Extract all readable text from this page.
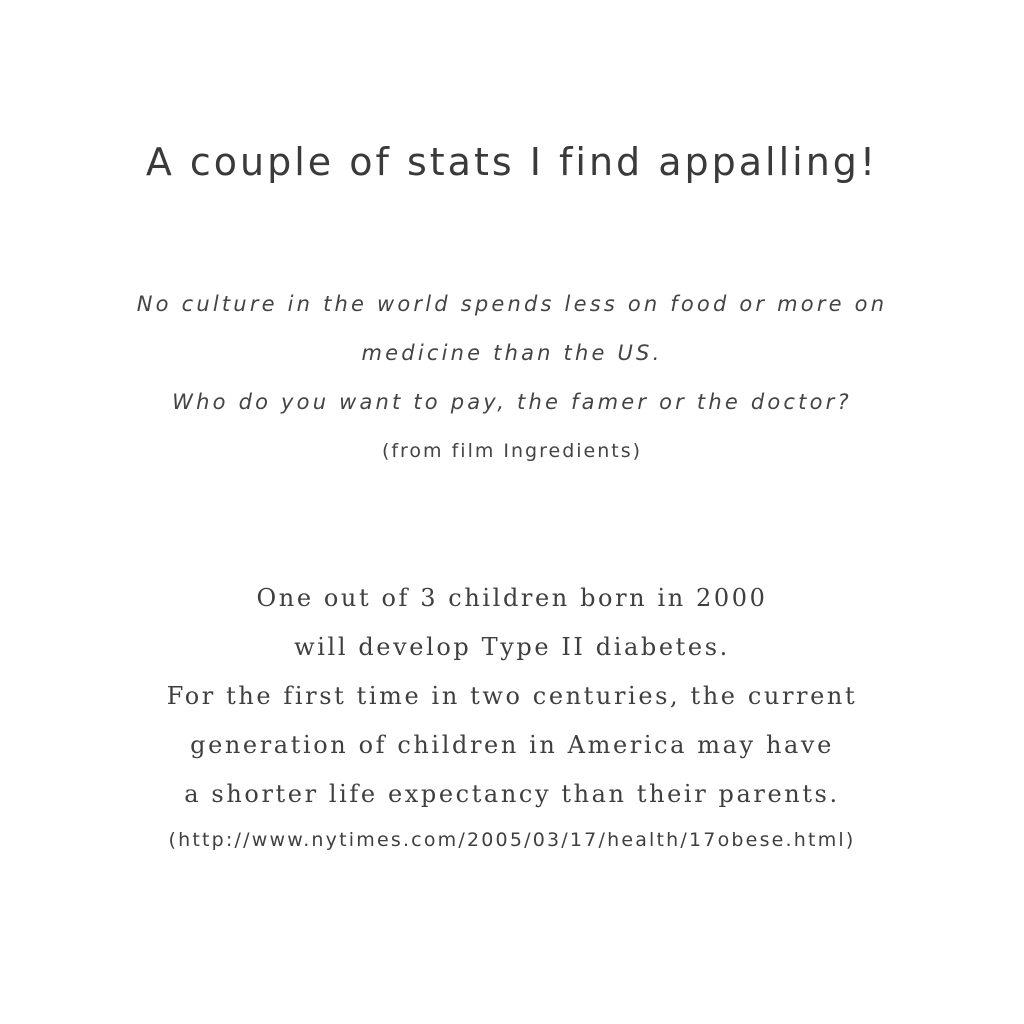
A couple of stats I find appalling!
No culture in the world spends less on food or more on
medicine than the US.
Who do you want to pay, the famer or the doctor?
(from film Ingredients)
One out of 3 children born in 2000
will develop Type II diabetes.
For the first time in two centuries, the current
generation of children in America may have
a shorter life expectancy than their parents.
(http://www.nytimes.com/2005/03/17/health/17obese.html)
